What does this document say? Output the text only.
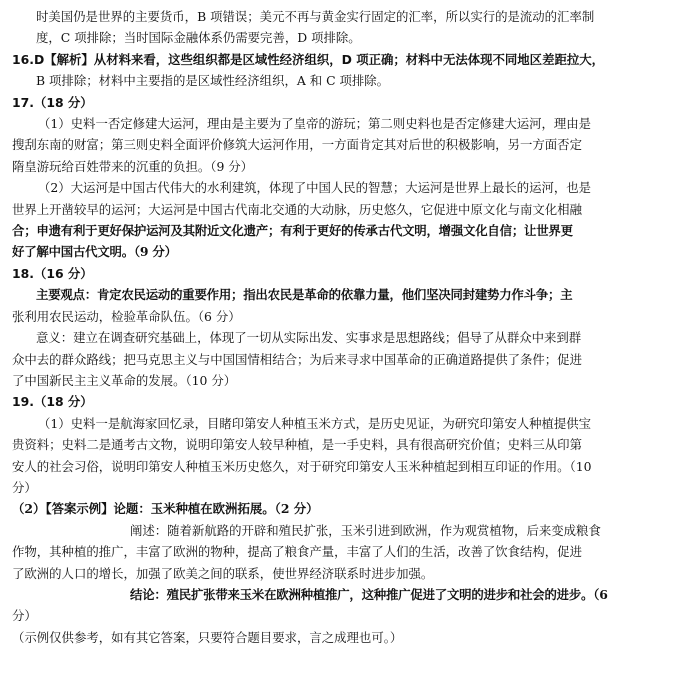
时美国仍是世界的主要货币，B 项错误；美元不再与黄金实行固定的汇率，所以实行的是流动的汇率制
度，C 项排除；当时国际金融体系仍需要完善，D 项排除。
16.D【解析】从材料来看，这些组织都是区域性经济组织，D 项正确；材料中无法体现不同地区差距拉大，
B 项排除；材料中主要指的是区域性经济组织，A 和 C 项排除。
17.（18 分）
（1）史料一否定修建大运河，理由是主要为了皇帝的游玩；第二则史料也是否定修建大运河，理由是
搜刮东南的财富；第三则史料全面评价修筑大运河作用，一方面肯定其对后世的积极影响，另一方面否定
隋皇游玩给百姓带来的沉重的负担。（9 分）
（2）大运河是中国古代伟大的水利建筑，体现了中国人民的智慧；大运河是世界上最长的运河，也是
世界上开凿较早的运河；大运河是中国古代南北交通的大动脉，历史悠久，它促进中原文化与南文化相融
合；申遗有利于更好保护运河及其附近文化遗产；有利于更好的传承古代文明，增强文化自信；让世界更
好了解中国古代文明。（9 分）
18.（16 分）
主要观点：肯定农民运动的重要作用；指出农民是革命的依靠力量，他们坚决同封建势力作斗争；主
张利用农民运动，检验革命队伍。（6 分）
意义：建立在调查研究基础上，体现了一切从实际出发、实事求是思想路线；倡导了从群众中来到群
众中去的群众路线；把马克思主义与中国国情相结合；为后来寻求中国革命的正确道路提供了条件；促进
了中国新民主主义革命的发展。（10 分）
19.（18 分）
（1）史料一是航海家回忆录，目睹印第安人种植玉米方式，是历史见证，为研究印第安人种植提供宝
贵资料；史料二是通考古文物，说明印第安人较早种植，是一手史料，具有很高研究价值；史料三从印第
安人的社会习俗，说明印第安人种植玉米历史悠久，对于研究印第安人玉米种植起到相互印证的作用。（10
分）
（2）【答案示例】论题：玉米种植在欧洲拓展。（2 分）
阐述：随着新航路的开辟和殖民扩张，玉米引进到欧洲，作为观赏植物，后来变成粮食
作物，其种植的推广，丰富了欧洲的物种，提高了粮食产量，丰富了人们的生活，改善了饮食结构，促进
了欧洲的人口的增长，加强了欧美之间的联系，使世界经济联系时进步加强。
结论：殖民扩张带来玉米在欧洲种植推广，这种推广促进了文明的进步和社会的进步。（6
分）
（示例仅供参考，如有其它答案，只要符合题目要求，言之成理也可。）
